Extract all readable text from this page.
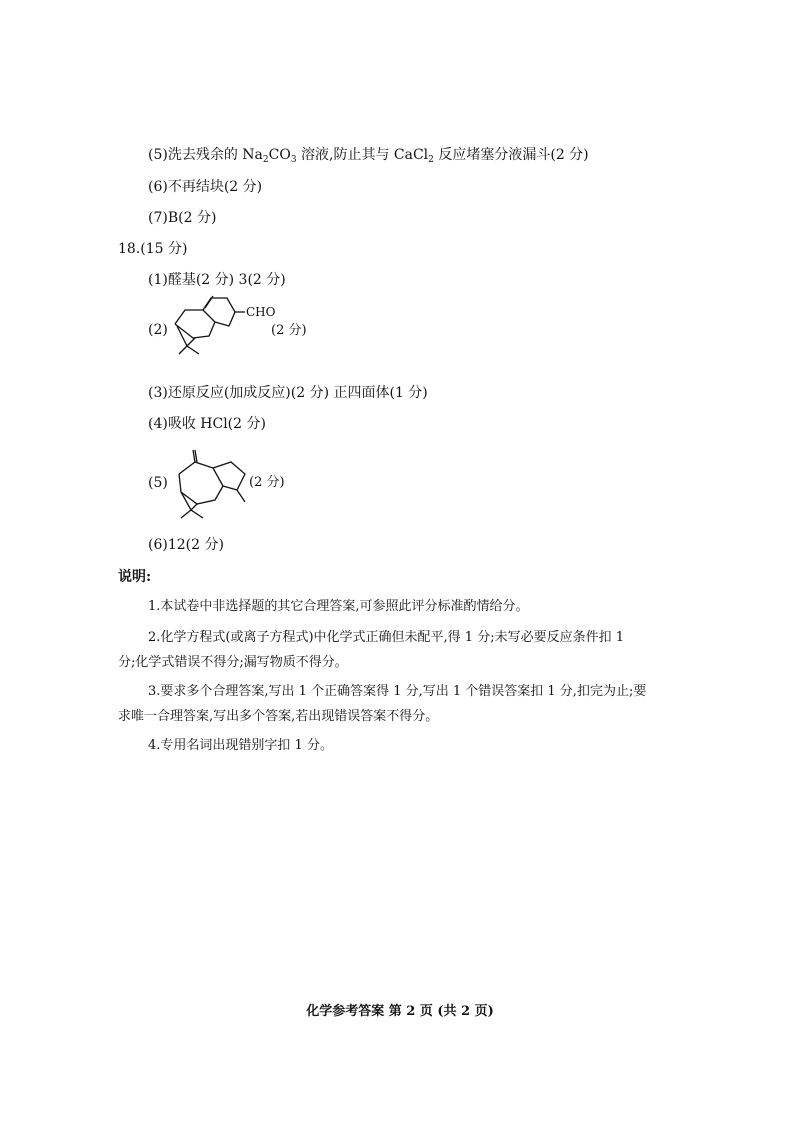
(5)洗去残余的 $Na_2CO_3$ 溶液,防止其与 CaCl$_2$ 反应堵塞分液漏斗(2 分)
(6)不再结块(2 分)
(7)B(2 分)
18.(15 分)
(1)醛基(2 分) 3(2 分)
(2)
CHO
(2 分)
(3)还原反应(加成反应)(2 分) 正四面体(1 分)
(4)吸收 HCl(2 分)
(5)	(2 分)
(6)12(2 分)
说明:
1.本试卷中非选择题的其它合理答案,可参照此评分标准酌情给分。
2.化学方程式(或离子方程式)中化学式正确但未配平,得 1 分;未写必要反应条件扣 1
分;化学式错误不得分;漏写物质不得分。
3.要求多个合理答案,写出 1 个正确答案得 1 分,写出 1 个错误答案扣 1 分,扣完为止;要
求唯一合理答案,写出多个答案,若出现错误答案不得分。
4.专用名词出现错别字扣 1 分。
化学参考答案 第 2 页 (共 2 页)
